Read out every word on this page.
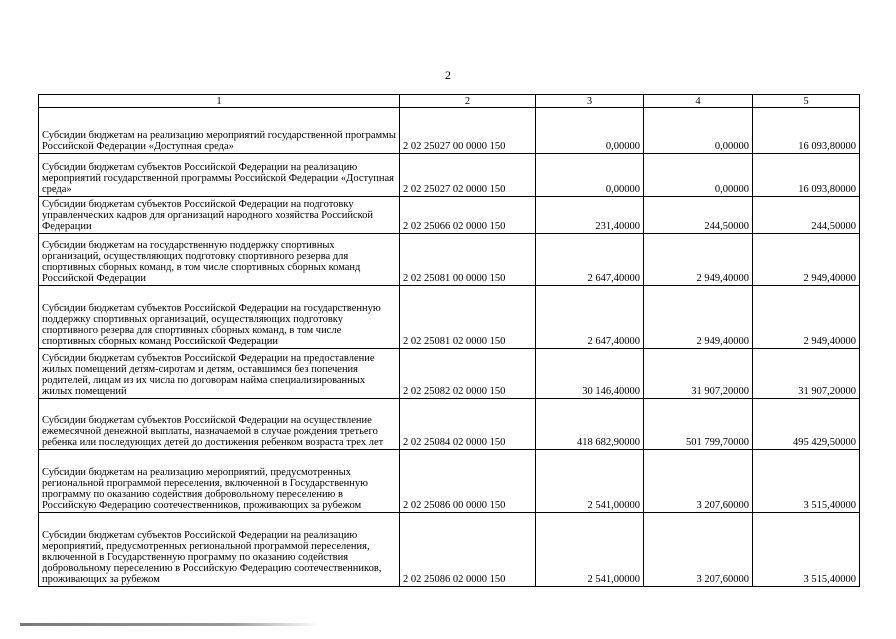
2
1	2	3	4	5
Субсидии бюджетам на реализацию мероприятий государственной программы Российской Федерации «Доступная среда»	2 02 25027 00 0000 150	0,00000	0,00000	16 093,80000
Субсидии бюджетам субъектов Российской Федерации на реализацию мероприятий государственной программы Российской Федерации «Доступная среда»	2 02 25027 02 0000 150	0,00000	0,00000	16 093,80000
Субсидии бюджетам субъектов Российской Федерации на подготовку управленческих кадров для организаций народного хозяйства Российской Федерации	2 02 25066 02 0000 150	231,40000	244,50000	244,50000
Субсидии бюджетам на государственную поддержку спортивных организаций, осуществляющих подготовку спортивного резерва для спортивных сборных команд, в том числе спортивных сборных команд Российской Федерации	2 02 25081 00 0000 150	2 647,40000	2 949,40000	2 949,40000
Субсидии бюджетам субъектов Российской Федерации на государственную поддержку спортивных организаций, осуществляющих подготовку спортивного резерва для спортивных сборных команд, в том числе спортивных сборных команд Российской Федерации	2 02 25081 02 0000 150	2 647,40000	2 949,40000	2 949,40000
Субсидии бюджетам субъектов Российской Федерации на предоставление жилых помещений детям-сиротам и детям, оставшимся без попечения родителей, лицам из их числа по договорам найма специализированных жилых помещений	2 02 25082 02 0000 150	30 146,40000	31 907,20000	31 907,20000
Субсидии бюджетам субъектов Российской Федерации на осуществление ежемесячной денежной выплаты, назначаемой в случае рождения третьего ребенка или последующих детей до достижения ребенком возраста трех лет	2 02 25084 02 0000 150	418 682,90000	501 799,70000	495 429,50000
Субсидии бюджетам на реализацию мероприятий, предусмотренных региональной программой переселения, включенной в Государственную программу по оказанию содействия добровольному переселению в Российскую Федерацию соотечественников, проживающих за рубежом	2 02 25086 00 0000 150	2 541,00000	3 207,60000	3 515,40000
Субсидии бюджетам субъектов Российской Федерации на реализацию мероприятий, предусмотренных региональной программой переселения, включенной в Государственную программу по оказанию содействия добровольному переселению в Российскую Федерацию соотечественников, проживающих за рубежом	2 02 25086 02 0000 150	2 541,00000	3 207,60000	3 515,40000
